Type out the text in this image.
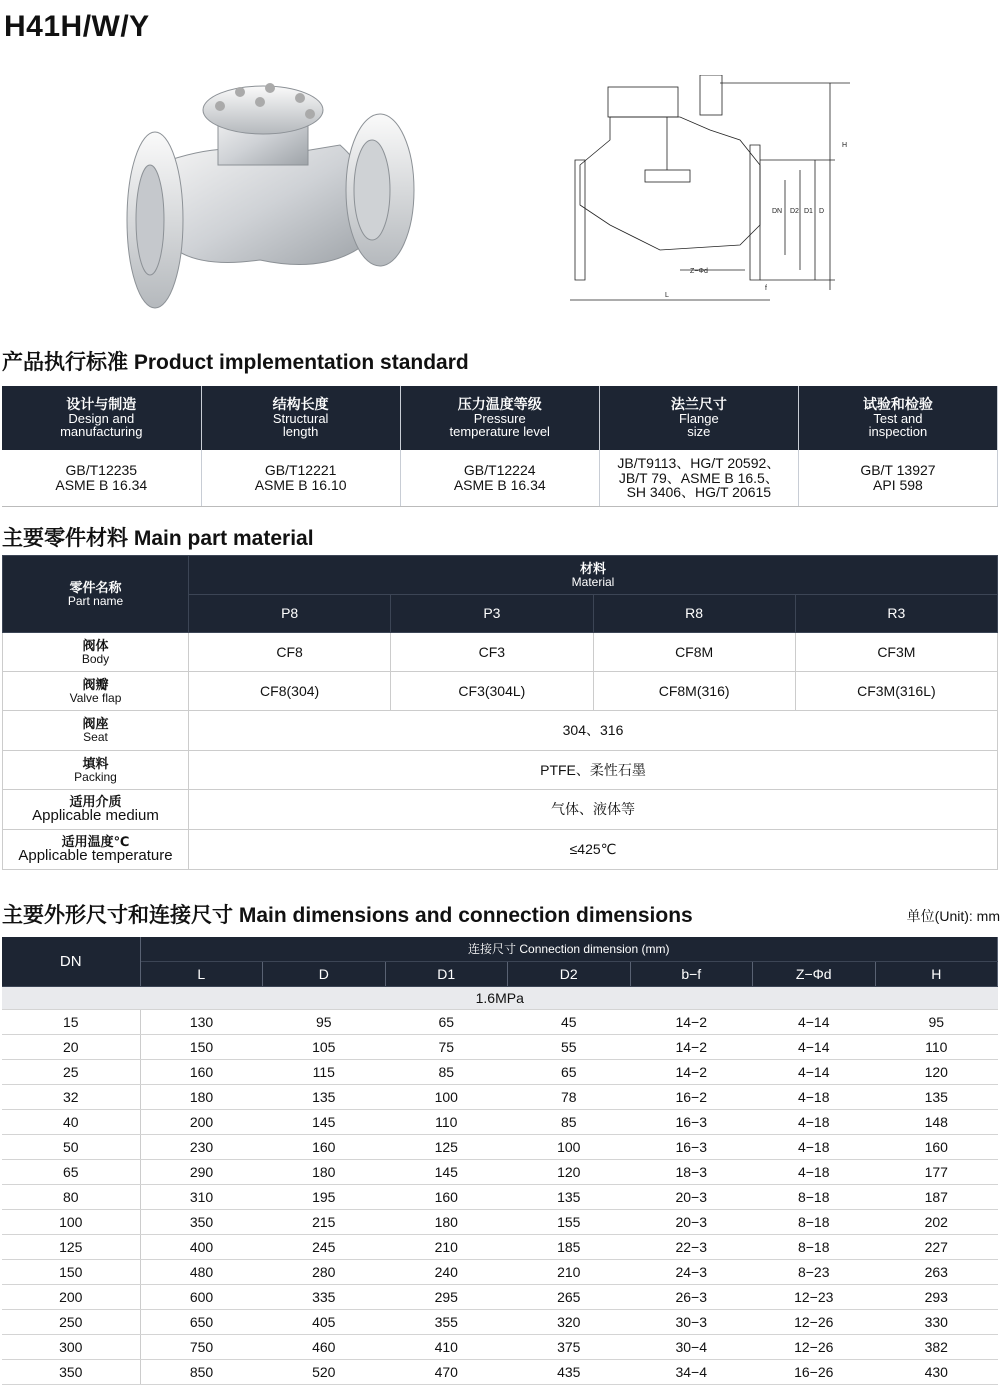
H41H/W/Y
H
DN D2 D1 D
Z−Φd
L
f
产品执行标准 Product implementation standard
设计与制造
Design and
manufacturing	结构长度
Structural
length	压力温度等级
Pressure
temperature level	法兰尺寸
Flange
size	试验和检验
Test and
inspection
GB/T12235
ASME B 16.34	GB/T12221
ASME B 16.10	GB/T12224
ASME B 16.34	JB/T9113、HG/T 20592、
JB/T 79、ASME B 16.5、
SH 3406、HG/T 20615	GB/T 13927
API 598
主要零件材料 Main part material
零件名称
Part name	材料
Material			
	P8	P3	R8	R3

阀体
Body	CF8	CF3	CF8M	CF3M

阀瓣
Valve flap	CF8(304)	CF3(304L)	CF8M(316)	CF3M(316L)

阀座
Seat	304、316			

填料
Packing	PTFE、柔性石墨			

适用介质
Applicable medium	气体、液体等			

适用温度℃
Applicable temperature	≤425℃			
主要外形尺寸和连接尺寸 Main dimensions and connection dimensions	单位(Unit): mm
DN	连接尺寸 Connection dimension (mm)						
	L	D	D1	D2	b−f	Z−Φd	H
1.6MPa							
15	130	95	65	45	14−2	4−14	95
20	150	105	75	55	14−2	4−14	110
25	160	115	85	65	14−2	4−14	120
32	180	135	100	78	16−2	4−18	135
40	200	145	110	85	16−3	4−18	148
50	230	160	125	100	16−3	4−18	160
65	290	180	145	120	18−3	4−18	177
80	310	195	160	135	20−3	8−18	187
100	350	215	180	155	20−3	8−18	202
125	400	245	210	185	22−3	8−18	227
150	480	280	240	210	24−3	8−23	263
200	600	335	295	265	26−3	12−23	293
250	650	405	355	320	30−3	12−26	330
300	750	460	410	375	30−4	12−26	382
350	850	520	470	435	34−4	16−26	430
